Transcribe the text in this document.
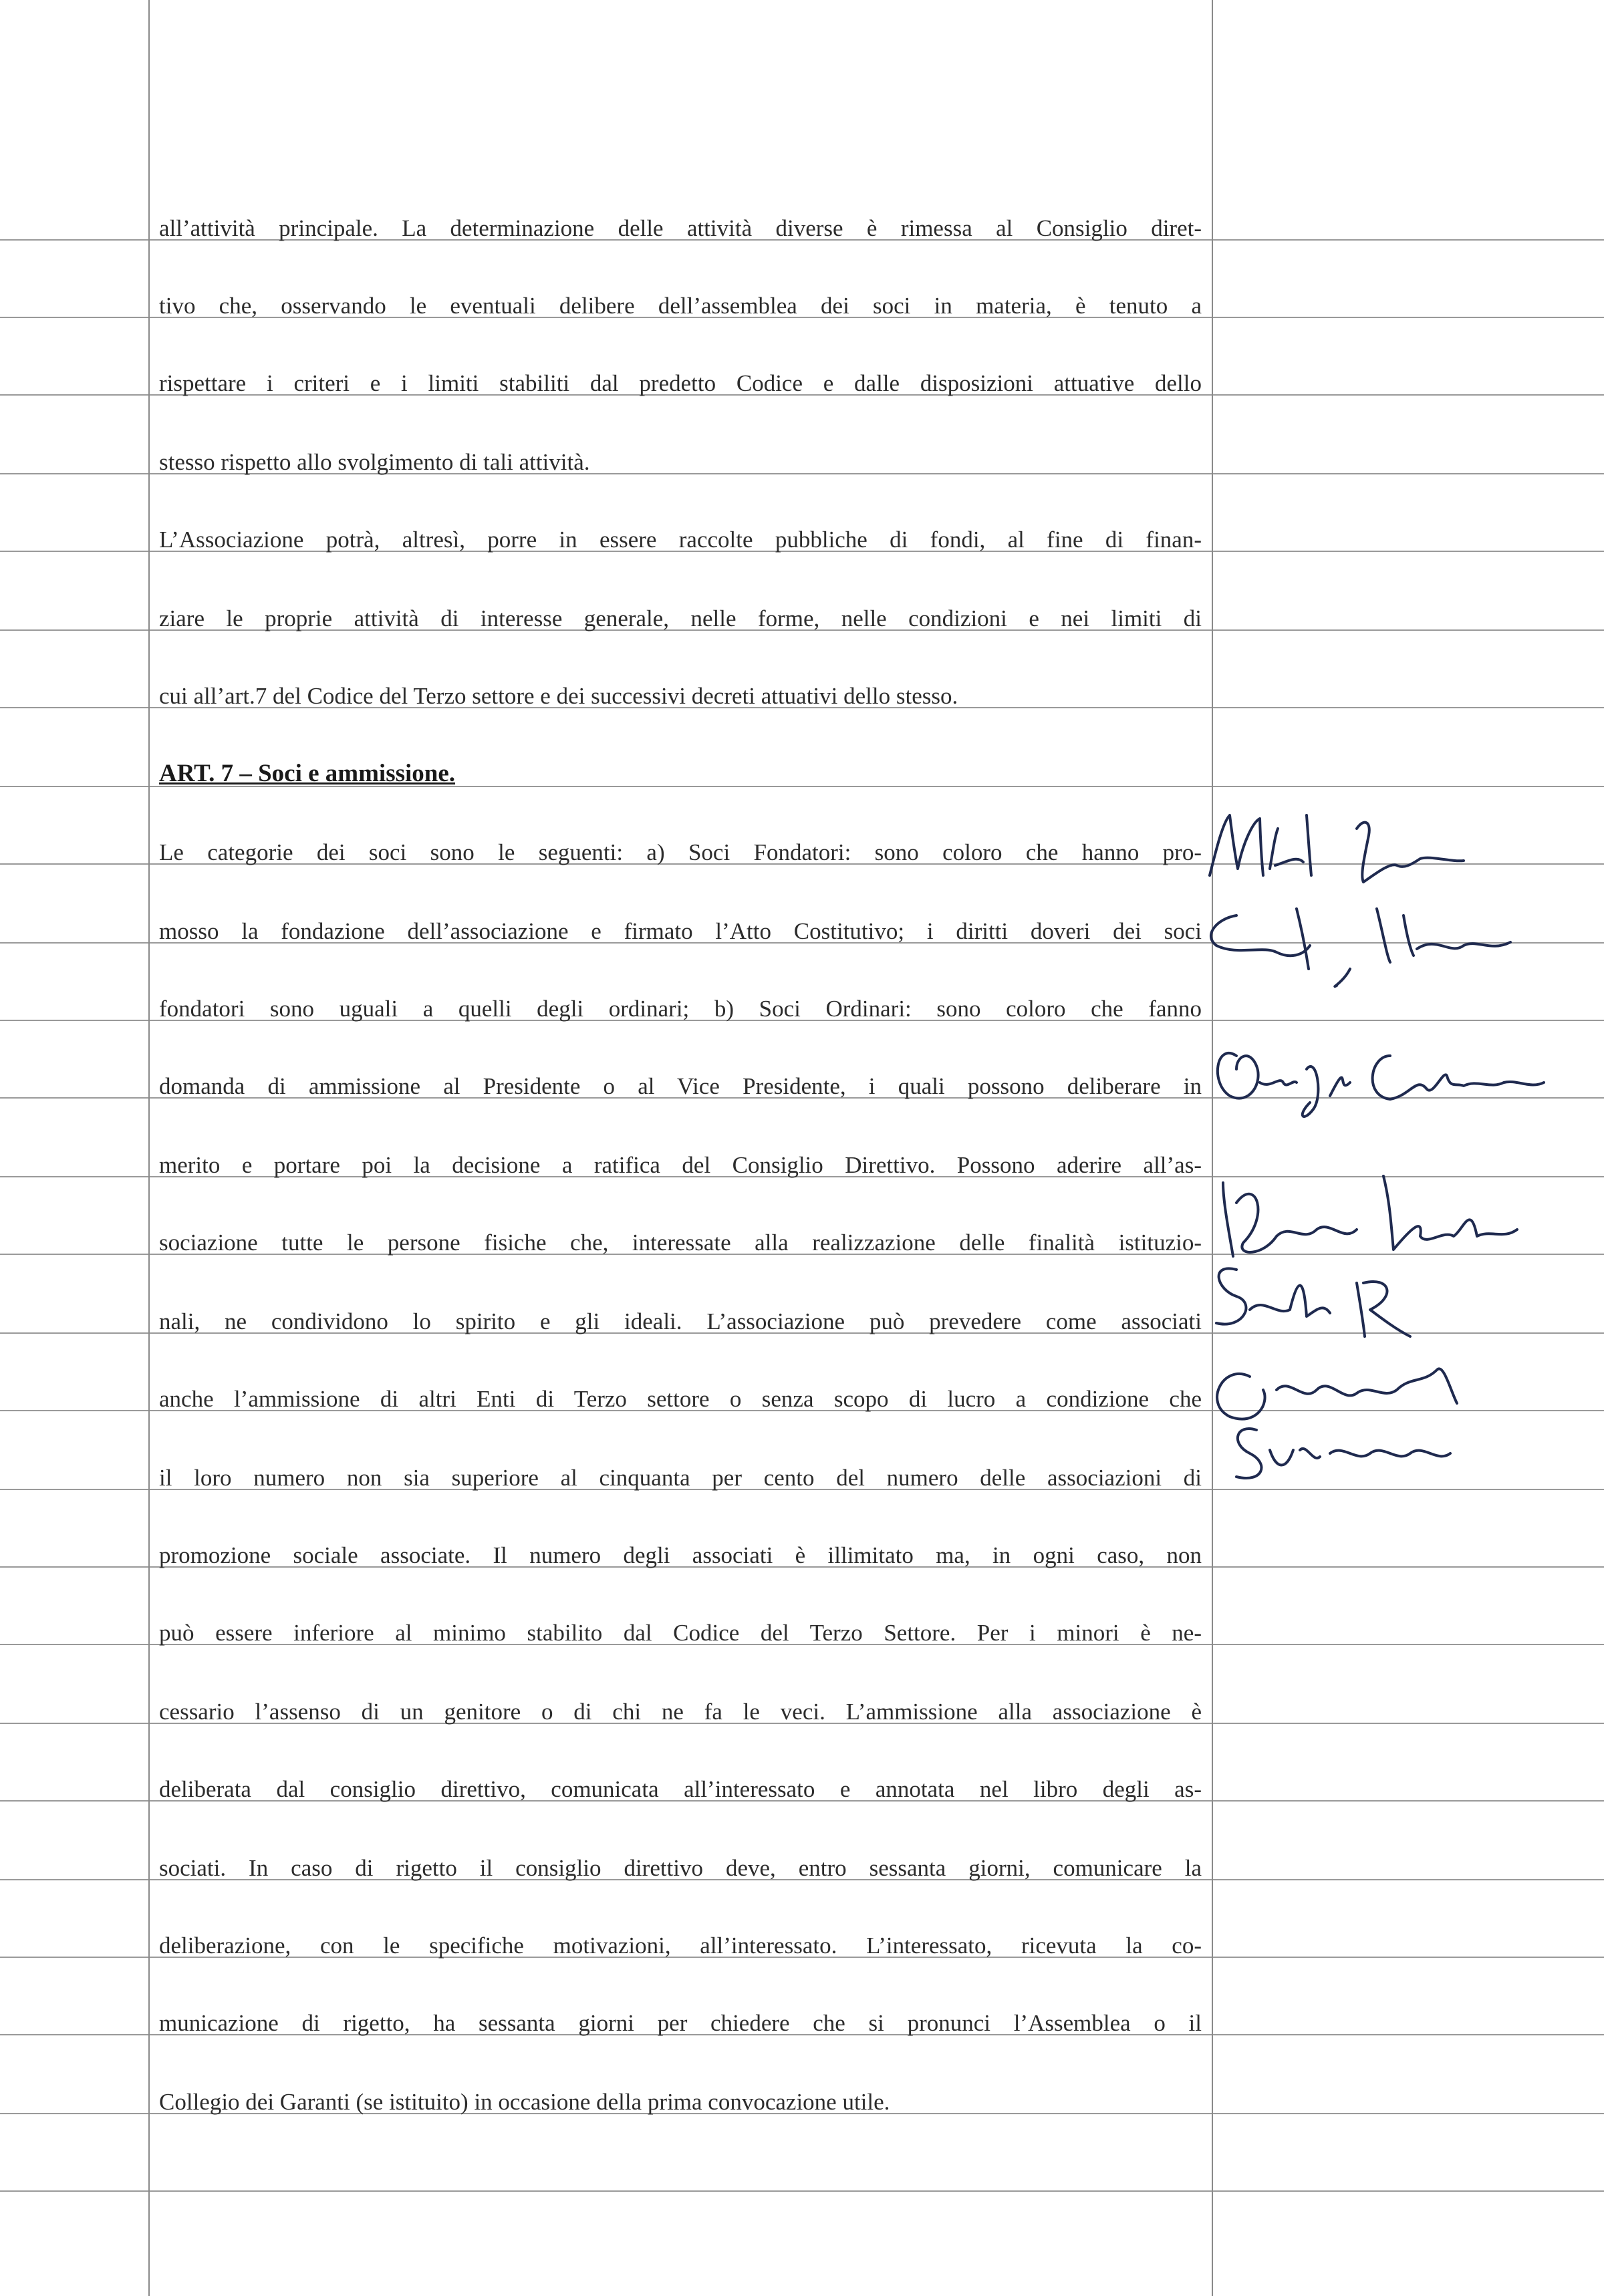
all’attività principale. La determinazione delle attività diverse è rimessa al Consiglio diret-
tivo che, osservando le eventuali delibere dell’assemblea dei soci in materia, è tenuto a
rispettare i criteri e i limiti stabiliti dal predetto Codice e dalle disposizioni attuative dello
stesso rispetto allo svolgimento di tali attività.
L’Associazione potrà, altresì, porre in essere raccolte pubbliche di fondi, al fine di finan-
ziare le proprie attività di interesse generale, nelle forme, nelle condizioni e nei limiti di
cui all’art.7 del Codice del Terzo settore e dei successivi decreti attuativi dello stesso.
ART. 7 – Soci e ammissione.
Le categorie dei soci sono le seguenti: a) Soci Fondatori: sono coloro che hanno pro-
mosso la fondazione dell’associazione e firmato l’Atto Costitutivo; i diritti doveri dei soci
fondatori sono uguali a quelli degli ordinari; b) Soci Ordinari: sono coloro che fanno
domanda di ammissione al Presidente o al Vice Presidente, i quali possono deliberare in
merito e portare poi la decisione a ratifica del Consiglio Direttivo. Possono aderire all’as-
sociazione tutte le persone fisiche che, interessate alla realizzazione delle finalità istituzio-
nali, ne condividono lo spirito e gli ideali. L’associazione può prevedere come associati
anche l’ammissione di altri Enti di Terzo settore o senza scopo di lucro a condizione che
il loro numero non sia superiore al cinquanta per cento del numero delle associazioni di
promozione sociale associate. Il numero degli associati è illimitato ma, in ogni caso, non
può essere inferiore al minimo stabilito dal Codice del Terzo Settore. Per i minori è ne-
cessario l’assenso di un genitore o di chi ne fa le veci. L’ammissione alla associazione è
deliberata dal consiglio direttivo, comunicata all’interessato e annotata nel libro degli as-
sociati. In caso di rigetto il consiglio direttivo deve, entro sessanta giorni, comunicare la
deliberazione, con le specifiche motivazioni, all’interessato. L’interessato, ricevuta la co-
municazione di rigetto, ha sessanta giorni per chiedere che si pronunci l’Assemblea o il
Collegio dei Garanti (se istituito) in occasione della prima convocazione utile.
